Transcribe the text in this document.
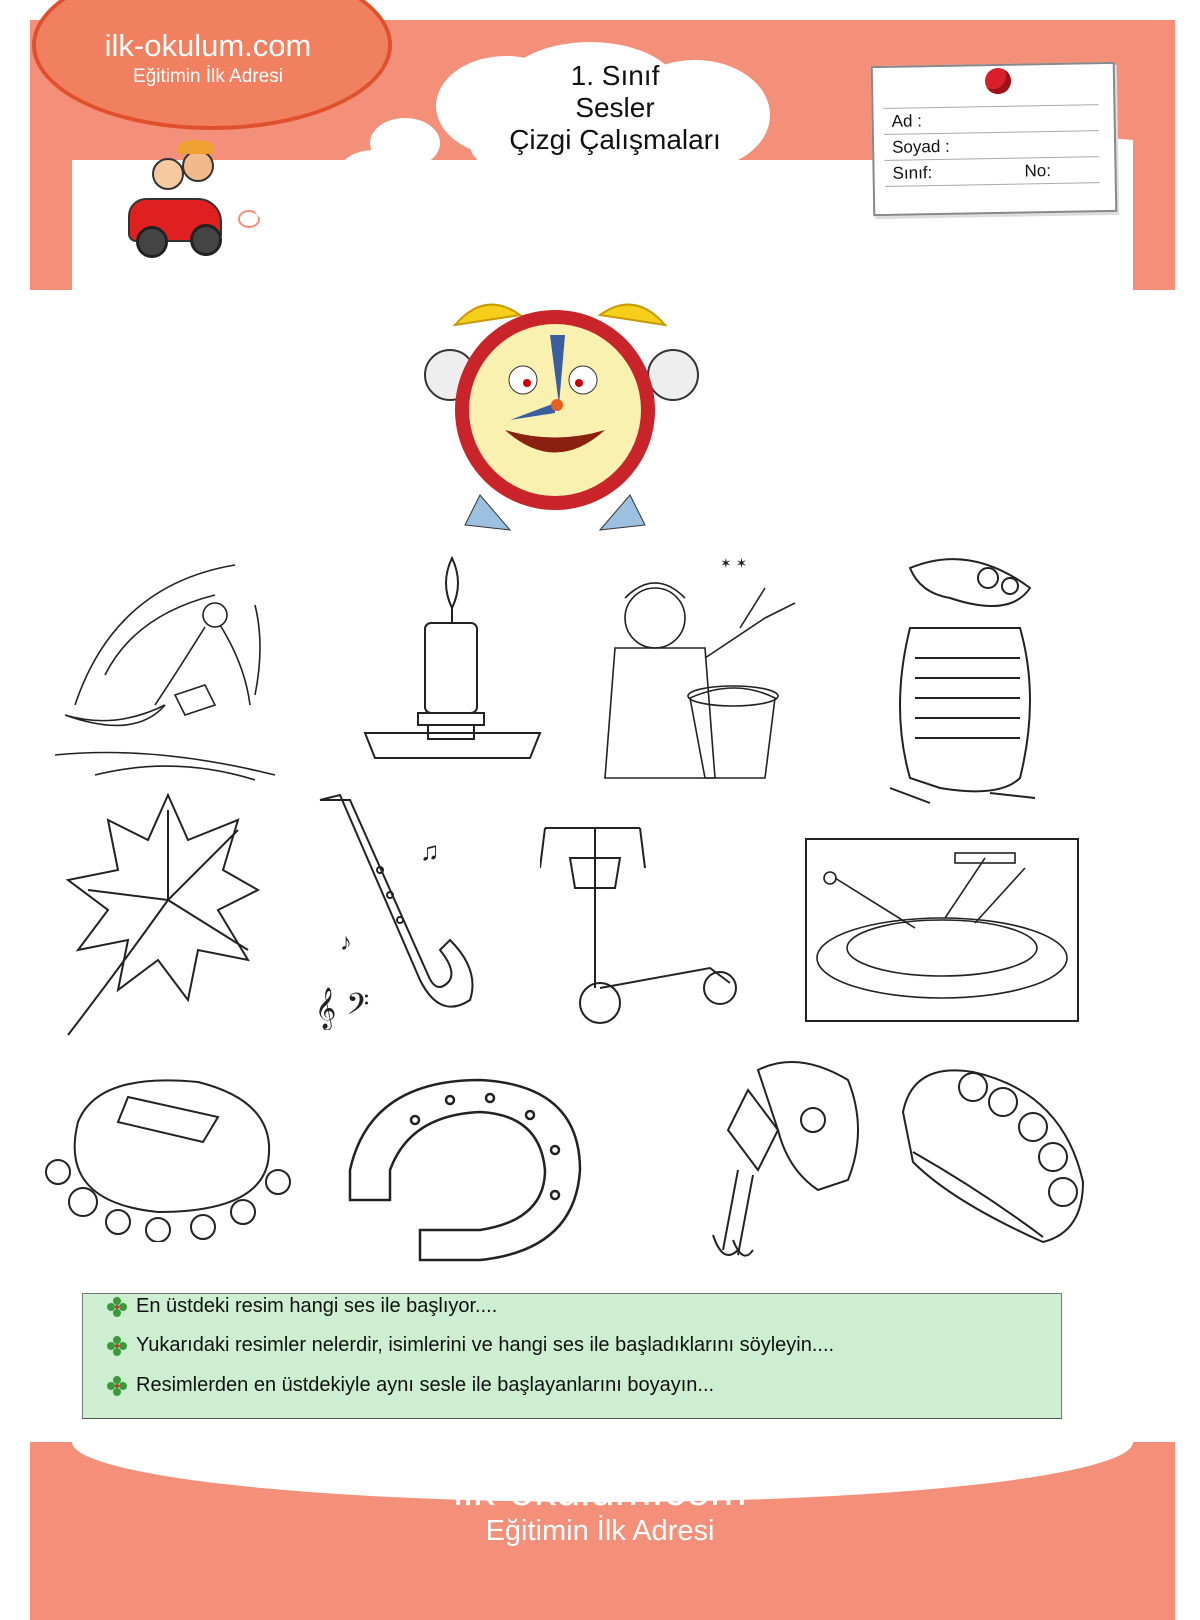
ilk-okulum.com
Eğitimin İlk Adresi	1. Sınıf
Sesler
Çizgi Çalışmaları
Ad :
Soyad :
Sınıf:	No:
✶ ✶
♫
♪
𝄞 𝄢
En üstdeki resim hangi ses ile başlıyor....
Yukarıdaki resimler nelerdir, isimlerini ve hangi ses ile başladıklarını söyleyin....
Resimlerden en üstdekiyle aynı sesle ile başlayanlarını boyayın...
ilk-okulum.com
Eğitimin İlk Adresi
